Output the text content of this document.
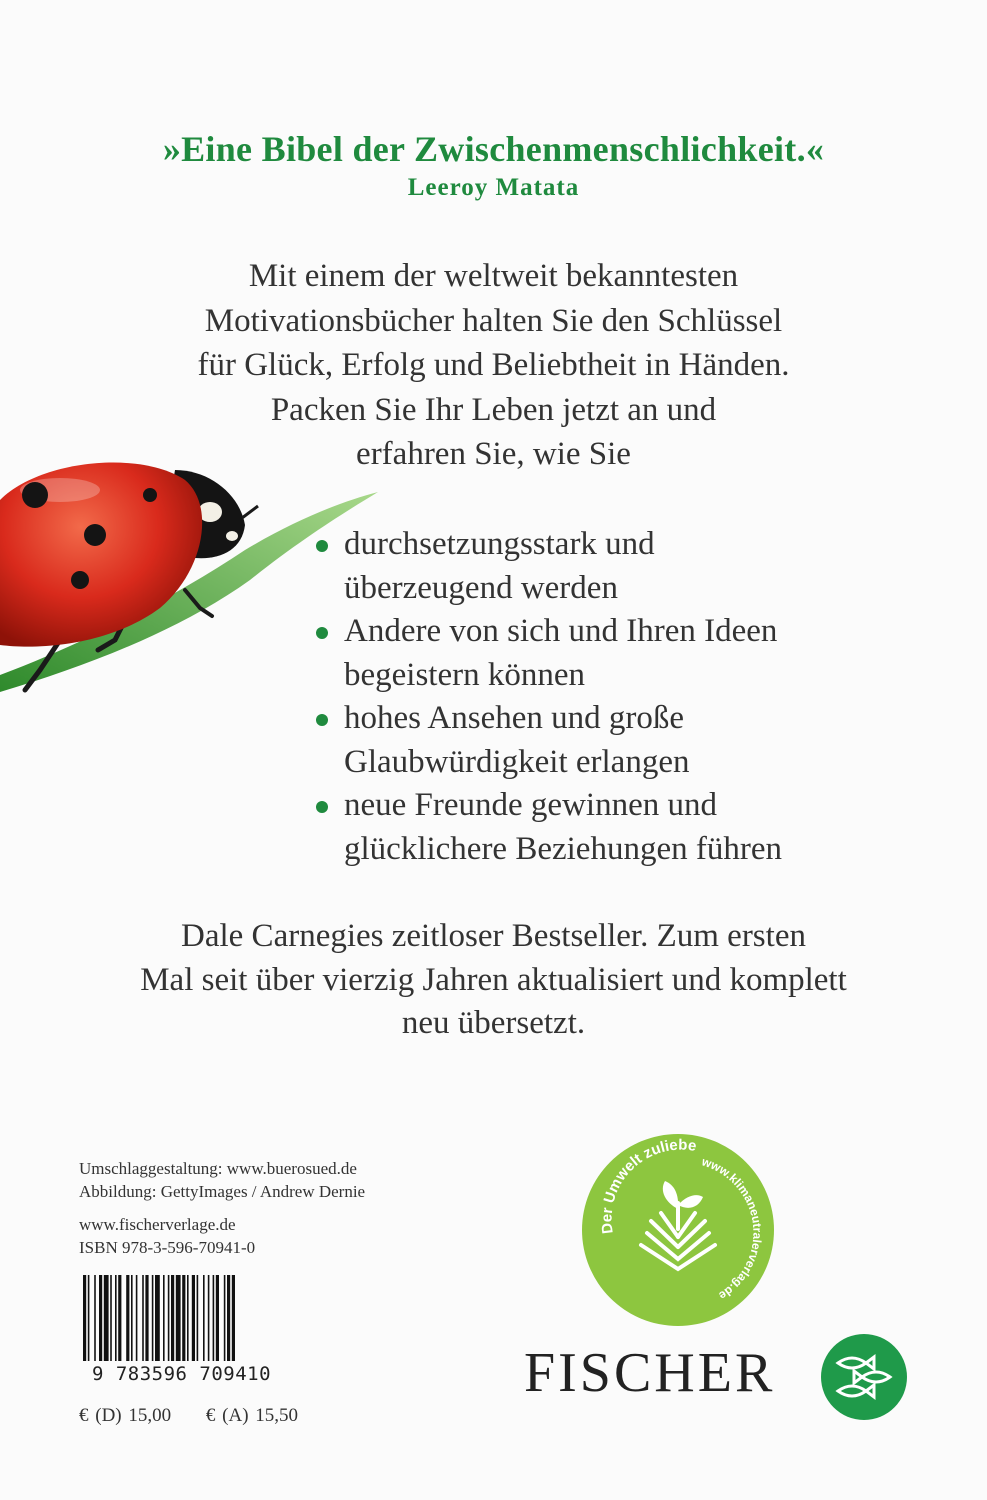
»Eine Bibel der Zwischenmenschlichkeit.«
Leeroy Matata
Mit einem der weltweit bekanntesten
Motivationsbücher halten Sie den Schlüssel
für Glück, Erfolg und Beliebtheit in Händen.
Packen Sie Ihr Leben jetzt an und
erfahren Sie, wie Sie
durchsetzungsstark und
überzeugend werden
Andere von sich und Ihren Ideen
begeistern können
hohes Ansehen und große
Glaubwürdigkeit erlangen
neue Freunde gewinnen und
glücklichere Beziehungen führen
Dale Carnegies zeitloser Bestseller. Zum ersten
Mal seit über vierzig Jahren aktualisiert und komplett
neu übersetzt.
Umschlaggestaltung: www.buerosued.de
Abbildung: GettyImages / Andrew Dernie
www.fischerverlage.de
ISBN 978-3-596-70941-0
9 783596 709410
€ (D) 15,00 € (A) 15,50
Der Umwelt zuliebe
www.klimaneutralerverlag.de
FISCHER
